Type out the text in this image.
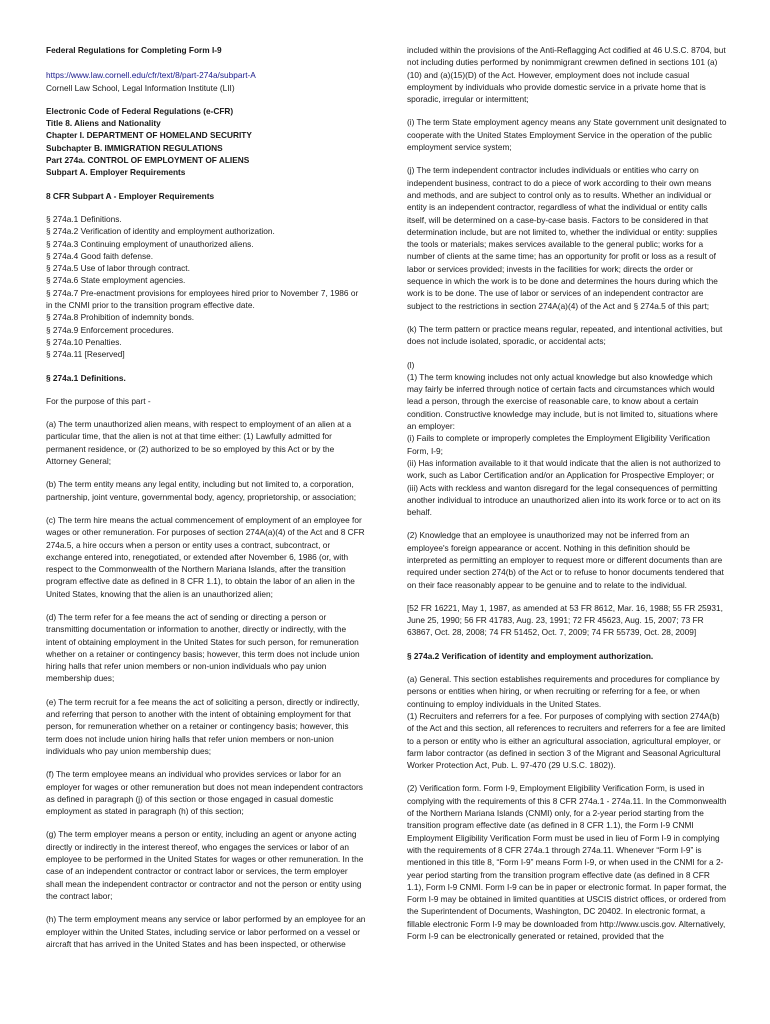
Federal Regulations for Completing Form I-9
https://www.law.cornell.edu/cfr/text/8/part-274a/subpart-A
Cornell Law School, Legal Information Institute (LII)
Electronic Code of Federal Regulations (e-CFR)
Title 8. Aliens and Nationality
Chapter I. DEPARTMENT OF HOMELAND SECURITY
Subchapter B. IMMIGRATION REGULATIONS
Part 274a. CONTROL OF EMPLOYMENT OF ALIENS
Subpart A. Employer Requirements

8 CFR Subpart A - Employer Requirements

§ 274a.1 Definitions.
§ 274a.2 Verification of identity and employment authorization.
§ 274a.3 Continuing employment of unauthorized aliens.
§ 274a.4 Good faith defense.
§ 274a.5 Use of labor through contract.
§ 274a.6 State employment agencies.
§ 274a.7 Pre-enactment provisions for employees hired prior to November 7, 1986 or in the CNMI prior to the transition program effective date.
§ 274a.8 Prohibition of indemnity bonds.
§ 274a.9 Enforcement procedures.
§ 274a.10 Penalties.
§ 274a.11 [Reserved]

§ 274a.1 Definitions.

For the purpose of this part -

(a) The term unauthorized alien means, with respect to employment of an alien at a particular time, that the alien is not at that time either: (1) Lawfully admitted for permanent residence, or (2) authorized to be so employed by this Act or by the Attorney General;

(b) The term entity means any legal entity, including but not limited to, a corporation, partnership, joint venture, governmental body, agency, proprietorship, or association;

(c) The term hire means the actual commencement of employment of an employee for wages or other remuneration. For purposes of section 274A(a)(4) of the Act and 8 CFR 274a.5, a hire occurs when a person or entity uses a contract, subcontract, or exchange entered into, renegotiated, or extended after November 6, 1986 (or, with respect to the Commonwealth of the Northern Mariana Islands, after the transition program effective date as defined in 8 CFR 1.1), to obtain the labor of an alien in the United States, knowing that the alien is an unauthorized alien;

(d) The term refer for a fee means the act of sending or directing a person or transmitting documentation or information to another, directly or indirectly, with the intent of obtaining employment in the United States for such person, for remuneration whether on a retainer or contingency basis; however, this term does not include union hiring halls that refer union members or non-union individuals who pay union membership dues;

(e) The term recruit for a fee means the act of soliciting a person, directly or indirectly, and referring that person to another with the intent of obtaining employment for that person, for remuneration whether on a retainer or contingency basis; however, this term does not include union hiring halls that refer union members or non-union individuals who pay union membership dues;

(f) The term employee means an individual who provides services or labor for an employer for wages or other remuneration but does not mean independent contractors as defined in paragraph (j) of this section or those engaged in casual domestic employment as stated in paragraph (h) of this section;

(g) The term employer means a person or entity, including an agent or anyone acting directly or indirectly in the interest thereof, who engages the services or labor of an employee to be performed in the United States for wages or other remuneration. In the case of an independent contractor or contract labor or services, the term employer shall mean the independent contractor or contractor and not the person or entity using the contract labor;

(h) The term employment means any service or labor performed by an employee for an employer within the United States, including service or labor performed on a vessel or aircraft that has arrived in the United States and has been inspected, or otherwise

included within the provisions of the Anti-Reflagging Act codified at 46 U.S.C. 8704, but not including duties performed by nonimmigrant crewmen defined in sections 101 (a)(10) and (a)(15)(D) of the Act. However, employment does not include casual employment by individuals who provide domestic service in a private home that is sporadic, irregular or intermittent;

(i) The term State employment agency means any State government unit designated to cooperate with the United States Employment Service in the operation of the public employment service system;

(j) The term independent contractor includes individuals or entities who carry on independent business, contract to do a piece of work according to their own means and methods, and are subject to control only as to results. Whether an individual or entity is an independent contractor, regardless of what the individual or entity calls itself, will be determined on a case-by-case basis. Factors to be considered in that determination include, but are not limited to, whether the individual or entity: supplies the tools or materials; makes services available to the general public; works for a number of clients at the same time; has an opportunity for profit or loss as a result of labor or services provided; invests in the facilities for work; directs the order or sequence in which the work is to be done and determines the hours during which the work is to be done. The use of labor or services of an independent contractor are subject to the restrictions in section 274A(a)(4) of the Act and § 274a.5 of this part;

(k) The term pattern or practice means regular, repeated, and intentional activities, but does not include isolated, sporadic, or accidental acts;

(l)
(1) The term knowing includes not only actual knowledge but also knowledge which may fairly be inferred through notice of certain facts and circumstances which would lead a person, through the exercise of reasonable care, to know about a certain condition. Constructive knowledge may include, but is not limited to, situations where an employer:
(i) Fails to complete or improperly completes the Employment Eligibility Verification Form, I-9;
(ii) Has information available to it that would indicate that the alien is not authorized to work, such as Labor Certification and/or an Application for Prospective Employer; or
(iii) Acts with reckless and wanton disregard for the legal consequences of permitting another individual to introduce an unauthorized alien into its work force or to act on its behalf.

(2) Knowledge that an employee is unauthorized may not be inferred from an employee's foreign appearance or accent. Nothing in this definition should be interpreted as permitting an employer to request more or different documents than are required under section 274(b) of the Act or to refuse to honor documents tendered that on their face reasonably appear to be genuine and to relate to the individual.

[52 FR 16221, May 1, 1987, as amended at 53 FR 8612, Mar. 16, 1988; 55 FR 25931, June 25, 1990; 56 FR 41783, Aug. 23, 1991; 72 FR 45623, Aug. 15, 2007; 73 FR 63867, Oct. 28, 2008; 74 FR 51452, Oct. 7, 2009; 74 FR 55739, Oct. 28, 2009]

§ 274a.2 Verification of identity and employment authorization.

(a) General. This section establishes requirements and procedures for compliance by persons or entities when hiring, or when recruiting or referring for a fee, or when continuing to employ individuals in the United States.
(1) Recruiters and referrers for a fee. For purposes of complying with section 274A(b) of the Act and this section, all references to recruiters and referrers for a fee are limited to a person or entity who is either an agricultural association, agricultural employer, or farm labor contractor (as defined in section 3 of the Migrant and Seasonal Agricultural Worker Protection Act, Pub. L. 97-470 (29 U.S.C. 1802)).

(2) Verification form. Form I-9, Employment Eligibility Verification Form, is used in complying with the requirements of this 8 CFR 274a.1 - 274a.11. In the Commonwealth of the Northern Mariana Islands (CNMI) only, for a 2-year period starting from the transition program effective date (as defined in 8 CFR 1.1), the Form I-9 CNMI Employment Eligibility Verification Form must be used in lieu of Form I-9 in complying with the requirements of 8 CFR 274a.1 through 274a.11. Whenever “Form I-9” is mentioned in this title 8, “Form I-9” means Form I-9, or when used in the CNMI for a 2-year period starting from the transition program effective date (as defined in 8 CFR 1.1), Form I-9 CNMI. Form I-9 can be in paper or electronic format. In paper format, the Form I-9 may be obtained in limited quantities at USCIS district offices, or ordered from the Superintendent of Documents, Washington, DC 20402. In electronic format, a fillable electronic Form I-9 may be downloaded from http://www.uscis.gov. Alternatively, Form I-9 can be electronically generated or retained, provided that the
